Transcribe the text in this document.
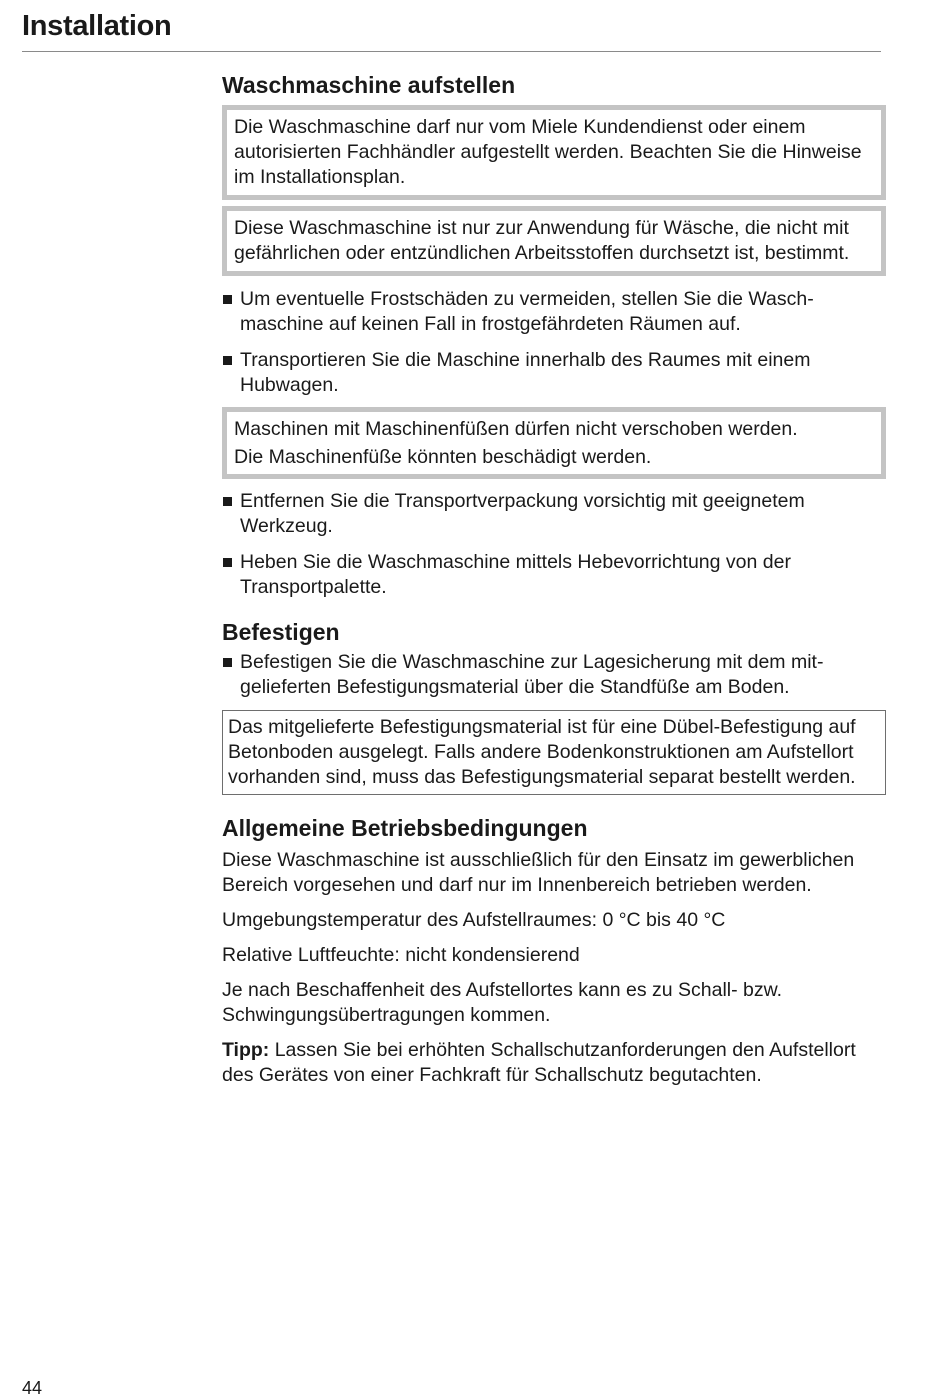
Installation
Waschmaschine aufstellen

Die Waschmaschine darf nur vom Miele Kundendienst oder einem autorisierten Fachhändler aufgestellt werden. Beachten Sie die Hinweise im Installationsplan.

Diese Waschmaschine ist nur zur Anwendung für Wäsche, die nicht mit gefährlichen oder entzündlichen Arbeitsstoffen durchsetzt ist, bestimmt.

Um eventuelle Frostschäden zu vermeiden, stellen Sie die Waschmaschine auf keinen Fall in frostgefährdeten Räumen auf.
Transportieren Sie die Maschine innerhalb des Raumes mit einem Hubwagen.

Maschinen mit Maschinenfüßen dürfen nicht verschoben werden.

Die Maschinenfüße könnten beschädigt werden.

Entfernen Sie die Transportverpackung vorsichtig mit geeignetem Werkzeug.
Heben Sie die Waschmaschine mittels Hebevorrichtung von der Transportpalette.
Befestigen
Befestigen Sie die Waschmaschine zur Lagesicherung mit dem mitgelieferten Befestigungsmaterial über die Standfüße am Boden.

Das mitgelieferte Befestigungsmaterial ist für eine Dübel-Befestigung auf Betonboden ausgelegt. Falls andere Bodenkonstruktionen am Aufstellort vorhanden sind, muss das Befestigungsmaterial separat bestellt werden.

Allgemeine Betriebsbedingungen

Diese Waschmaschine ist ausschließlich für den Einsatz im gewerblichen Bereich vorgesehen und darf nur im Innenbereich betrieben werden.

Umgebungstemperatur des Aufstellraumes: 0 °C bis 40 °C

Relative Luftfeuchte: nicht kondensierend

Je nach Beschaffenheit des Aufstellortes kann es zu Schall- bzw. Schwingungsübertragungen kommen.

Tipp: Lassen Sie bei erhöhten Schallschutzanforderungen den Aufstellort des Gerätes von einer Fachkraft für Schallschutz begutachten.

44
